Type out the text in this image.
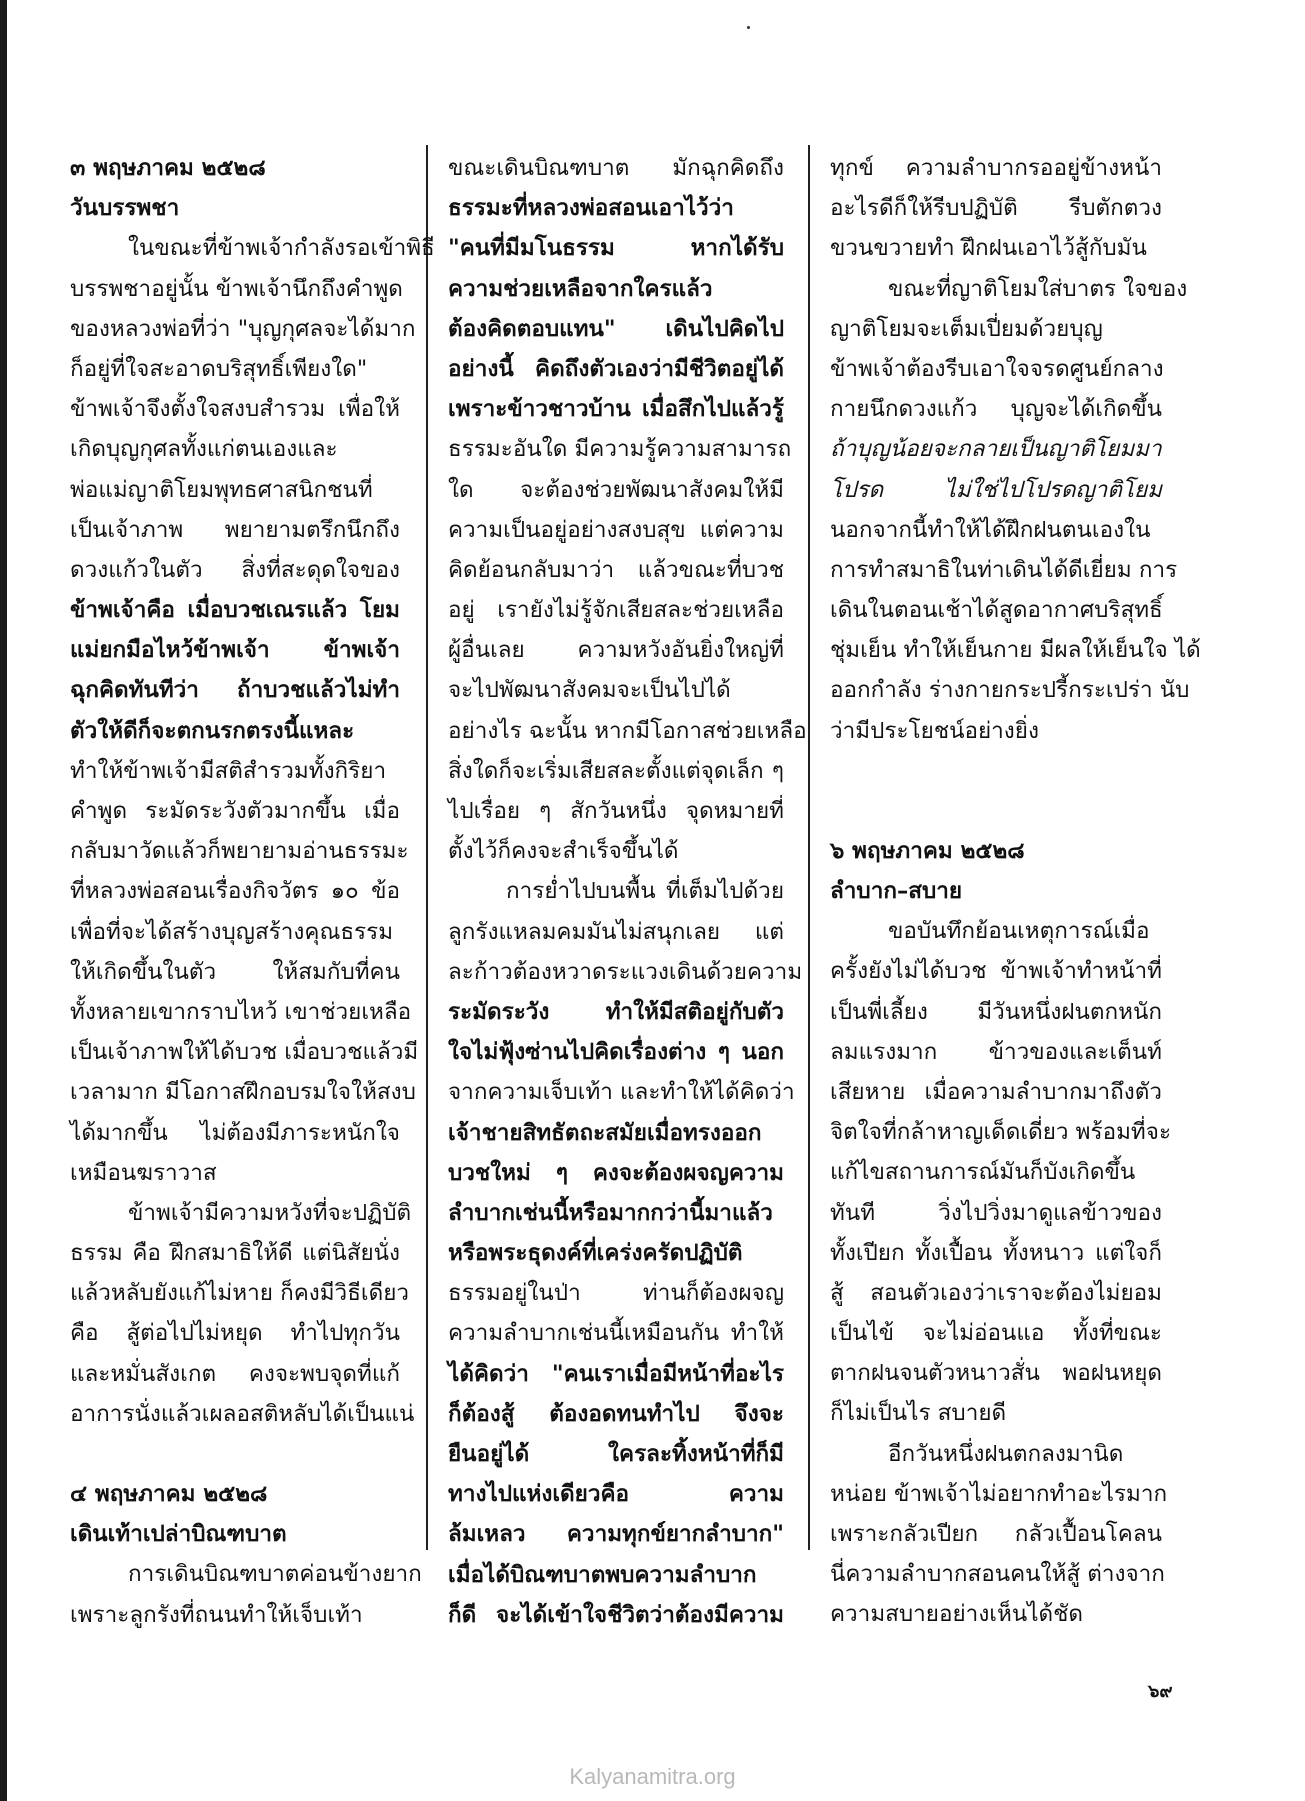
๓ พฤษภาคม ๒๕๒๘
วันบรรพชา
ในขณะที่ข้าพเจ้ากำลังรอเข้าพิธี
บรรพชาอยู่นั้น ข้าพเจ้านึกถึงคำพูด
ของหลวงพ่อที่ว่า "บุญกุศลจะได้มาก
ก็อยู่ที่ใจสะอาดบริสุทธิ์เพียงใด"
ข้าพเจ้าจึงตั้งใจสงบสำรวม เพื่อให้
เกิดบุญกุศลทั้งแก่ตนเองและ
พ่อแม่ญาติโยมพุทธศาสนิกชนที่
เป็นเจ้าภาพ พยายามตรึกนึกถึง
ดวงแก้วในตัว สิ่งที่สะดุดใจของ
ข้าพเจ้าคือ เมื่อบวชเณรแล้ว โยม
แม่ยกมือไหว้ข้าพเจ้า ข้าพเจ้า
ฉุกคิดทันทีว่า ถ้าบวชแล้วไม่ทำ
ตัวให้ดีก็จะตกนรกตรงนี้แหละ
ทำให้ข้าพเจ้ามีสติสำรวมทั้งกิริยา
คำพูด ระมัดระวังตัวมากขึ้น เมื่อ
กลับมาวัดแล้วก็พยายามอ่านธรรมะ
ที่หลวงพ่อสอนเรื่องกิจวัตร ๑๐ ข้อ
เพื่อที่จะได้สร้างบุญสร้างคุณธรรม
ให้เกิดขึ้นในตัว ให้สมกับที่คน
ทั้งหลายเขากราบไหว้ เขาช่วยเหลือ
เป็นเจ้าภาพให้ได้บวช เมื่อบวชแล้วมี
เวลามาก มีโอกาสฝึกอบรมใจให้สงบ
ได้มากขึ้น ไม่ต้องมีภาระหนักใจ
เหมือนฆราวาส
ข้าพเจ้ามีความหวังที่จะปฏิบัติ
ธรรม คือ ฝึกสมาธิให้ดี แต่นิสัยนั่ง
แล้วหลับยังแก้ไม่หาย ก็คงมีวิธีเดียว
คือ สู้ต่อไปไม่หยุด ทำไปทุกวัน
และหมั่นสังเกต คงจะพบจุดที่แก้
อาการนั่งแล้วเผลอสติหลับได้เป็นแน่
๔ พฤษภาคม ๒๕๒๘
เดินเท้าเปล่าบิณฑบาต
การเดินบิณฑบาตค่อนข้างยาก
เพราะลูกรังที่ถนนทำให้เจ็บเท้า
ขณะเดินบิณฑบาต มักฉุกคิดถึง
ธรรมะที่หลวงพ่อสอนเอาไว้ว่า
"คนที่มีมโนธรรม หากได้รับ
ความช่วยเหลือจากใครแล้ว
ต้องคิดตอบแทน" เดินไปคิดไป
อย่างนี้ คิดถึงตัวเองว่ามีชีวิตอยู่ได้
เพราะข้าวชาวบ้าน เมื่อสึกไปแล้วรู้
ธรรมะอันใด มีความรู้ความสามารถ
ใด จะต้องช่วยพัฒนาสังคมให้มี
ความเป็นอยู่อย่างสงบสุข แต่ความ
คิดย้อนกลับมาว่า แล้วขณะที่บวช
อยู่ เรายังไม่รู้จักเสียสละช่วยเหลือ
ผู้อื่นเลย ความหวังอันยิ่งใหญ่ที่
จะไปพัฒนาสังคมจะเป็นไปได้
อย่างไร ฉะนั้น หากมีโอกาสช่วยเหลือ
สิ่งใดก็จะเริ่มเสียสละตั้งแต่จุดเล็ก ๆ
ไปเรื่อย ๆ สักวันหนึ่ง จุดหมายที่
ตั้งไว้ก็คงจะสำเร็จขึ้นได้
การย่ำไปบนพื้น ที่เต็มไปด้วย
ลูกรังแหลมคมมันไม่สนุกเลย แต่
ละก้าวต้องหวาดระแวงเดินด้วยความ
ระมัดระวัง ทำให้มีสติอยู่กับตัว
ใจไม่ฟุ้งซ่านไปคิดเรื่องต่าง ๆ นอก
จากความเจ็บเท้า และทำให้ได้คิดว่า
เจ้าชายสิทธัตถะสมัยเมื่อทรงออก
บวชใหม่ ๆ คงจะต้องผจญความ
ลำบากเช่นนี้หรือมากกว่านี้มาแล้ว
หรือพระธุดงค์ที่เคร่งครัดปฏิบัติ
ธรรมอยู่ในป่า ท่านก็ต้องผจญ
ความลำบากเช่นนี้เหมือนกัน ทำให้
ได้คิดว่า "คนเราเมื่อมีหน้าที่อะไร
ก็ต้องสู้ ต้องอดทนทำไป จึงจะ
ยืนอยู่ได้ ใครละทิ้งหน้าที่ก็มี
ทางไปแห่งเดียวคือ ความ
ล้มเหลว ความทุกข์ยากลำบาก"
เมื่อได้บิณฑบาตพบความลำบาก
ก็ดี จะได้เข้าใจชีวิตว่าต้องมีความ
ทุกข์ ความลำบากรออยู่ข้างหน้า
อะไรดีก็ให้รีบปฏิบัติ รีบตักตวง
ขวนขวายทำ ฝึกฝนเอาไว้สู้กับมัน
ขณะที่ญาติโยมใส่บาตร ใจของ
ญาติโยมจะเต็มเปี่ยมด้วยบุญ
ข้าพเจ้าต้องรีบเอาใจจรดศูนย์กลาง
กายนึกดวงแก้ว บุญจะได้เกิดขึ้น
ถ้าบุญน้อยจะกลายเป็นญาติโยมมา
โปรด ไม่ใช่ไปโปรดญาติโยม
นอกจากนี้ทำให้ได้ฝึกฝนตนเองใน
การทำสมาธิในท่าเดินได้ดีเยี่ยม การ
เดินในตอนเช้าได้สูดอากาศบริสุทธิ์
ชุ่มเย็น ทำให้เย็นกาย มีผลให้เย็นใจ ได้
ออกกำลัง ร่างกายกระปรี้กระเปร่า นับ
ว่ามีประโยชน์อย่างยิ่ง
๖ พฤษภาคม ๒๕๒๘
ลำบาก–สบาย
ขอบันทึกย้อนเหตุการณ์เมื่อ
ครั้งยังไม่ได้บวช ข้าพเจ้าทำหน้าที่
เป็นพี่เลี้ยง มีวันหนึ่งฝนตกหนัก
ลมแรงมาก ข้าวของและเต็นท์
เสียหาย เมื่อความลำบากมาถึงตัว
จิตใจที่กล้าหาญเด็ดเดี่ยว พร้อมที่จะ
แก้ไขสถานการณ์มันก็บังเกิดขึ้น
ทันที วิ่งไปวิ่งมาดูแลข้าวของ
ทั้งเปียก ทั้งเปื้อน ทั้งหนาว แต่ใจก็
สู้ สอนตัวเองว่าเราจะต้องไม่ยอม
เป็นไข้ จะไม่อ่อนแอ ทั้งที่ขณะ
ตากฝนจนตัวหนาวสั่น พอฝนหยุด
ก็ไม่เป็นไร สบายดี
อีกวันหนึ่งฝนตกลงมานิด
หน่อย ข้าพเจ้าไม่อยากทำอะไรมาก
เพราะกลัวเปียก กลัวเปื้อนโคลน
นี่ความลำบากสอนคนให้สู้ ต่างจาก
ความสบายอย่างเห็นได้ชัด
๖๙
Kalyanamitra.org
